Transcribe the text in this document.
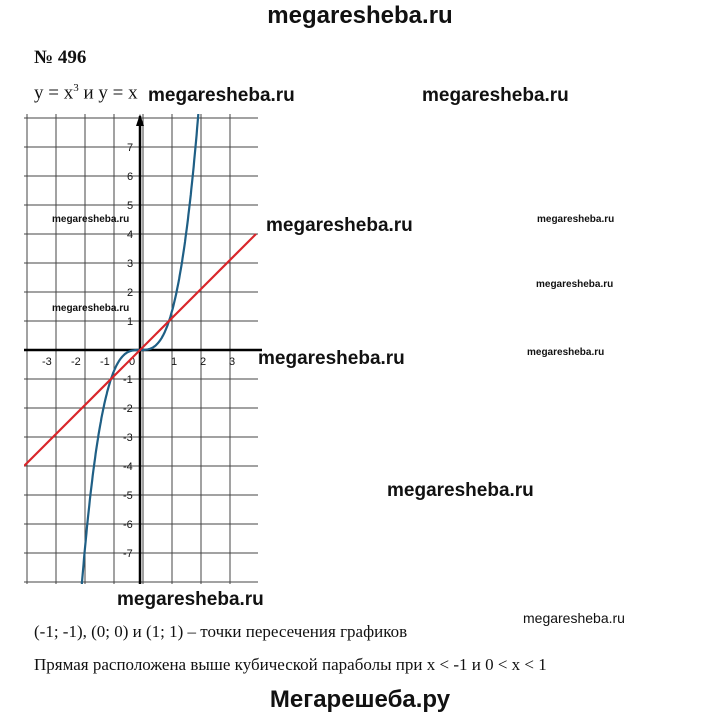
megaresheba.ru
№ 496
$y = x^3$ и y = x
-3 -2 -1 0	1 2 3
7
6
5
4
3
2
1
-1
-2
-3
-4
-5
-6
-7
megaresheba.ru	megaresheba.ru
megaresheba.ru	megaresheba.ru	megaresheba.ru
megaresheba.ru
megaresheba.ru
megaresheba.ru	megaresheba.ru
megaresheba.ru
megaresheba.ru
megaresheba.ru
(-1; -1), (0; 0) и (1; 1) – точки пересечения графиков
Прямая расположена выше кубической параболы при x < -1 и 0 < x < 1
Мегарешеба.ру
